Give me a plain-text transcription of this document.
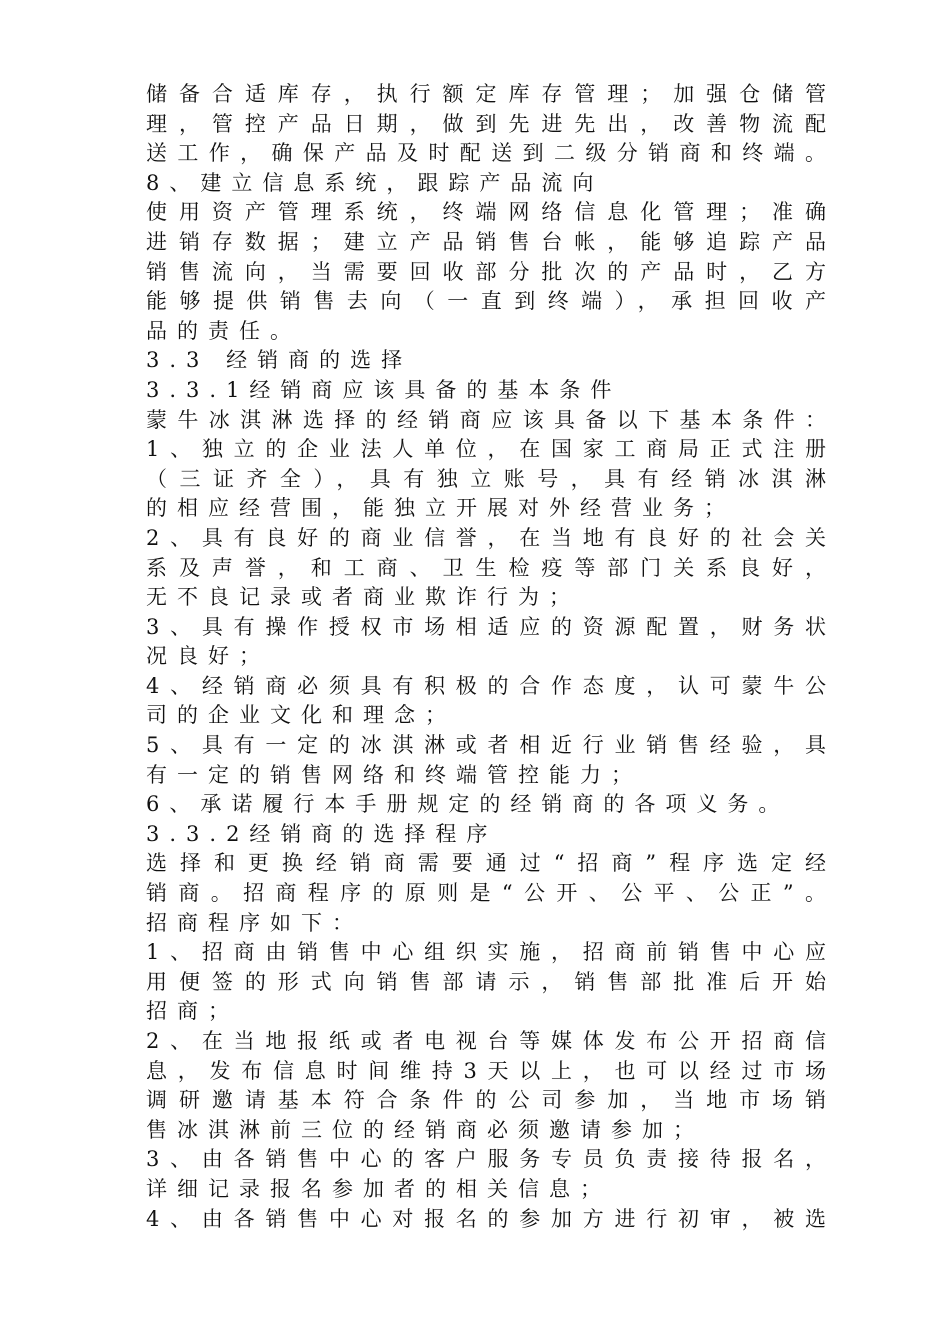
储备合适库存，执行额定库存管理；加强仓储管
理，管控产品日期，做到先进先出，改善物流配
送工作，确保产品及时配送到二级分销商和终端。
8、建立信息系统，跟踪产品流向
使用资产管理系统，终端网络信息化管理；准确
进销存数据；建立产品销售台帐，能够追踪产品
销售流向，当需要回收部分批次的产品时，乙方
能够提供销售去向（一直到终端），承担回收产
品的责任。
3.3 经销商的选择
3.3.1经销商应该具备的基本条件
蒙牛冰淇淋选择的经销商应该具备以下基本条件：
1、独立的企业法人单位，在国家工商局正式注册
（三证齐全），具有独立账号，具有经销冰淇淋
的相应经营围，能独立开展对外经营业务；
2、具有良好的商业信誉，在当地有良好的社会关
系及声誉，和工商、卫生检疫等部门关系良好，
无不良记录或者商业欺诈行为；
3、具有操作授权市场相适应的资源配置，财务状
况良好；
4、经销商必须具有积极的合作态度，认可蒙牛公
司的企业文化和理念；
5、具有一定的冰淇淋或者相近行业销售经验，具
有一定的销售网络和终端管控能力；
6、承诺履行本手册规定的经销商的各项义务。
3.3.2经销商的选择程序
选择和更换经销商需要通过“招商”程序选定经
销商。招商程序的原则是“公开、公平、公正”。
招商程序如下：
1、招商由销售中心组织实施，招商前销售中心应
用便签的形式向销售部请示，销售部批准后开始
招商；
2、在当地报纸或者电视台等媒体发布公开招商信
息，发布信息时间维持3天以上，也可以经过市场
调研邀请基本符合条件的公司参加，当地市场销
售冰淇淋前三位的经销商必须邀请参加；
3、由各销售中心的客户服务专员负责接待报名，
详细记录报名参加者的相关信息；
4、由各销售中心对报名的参加方进行初审，被选
